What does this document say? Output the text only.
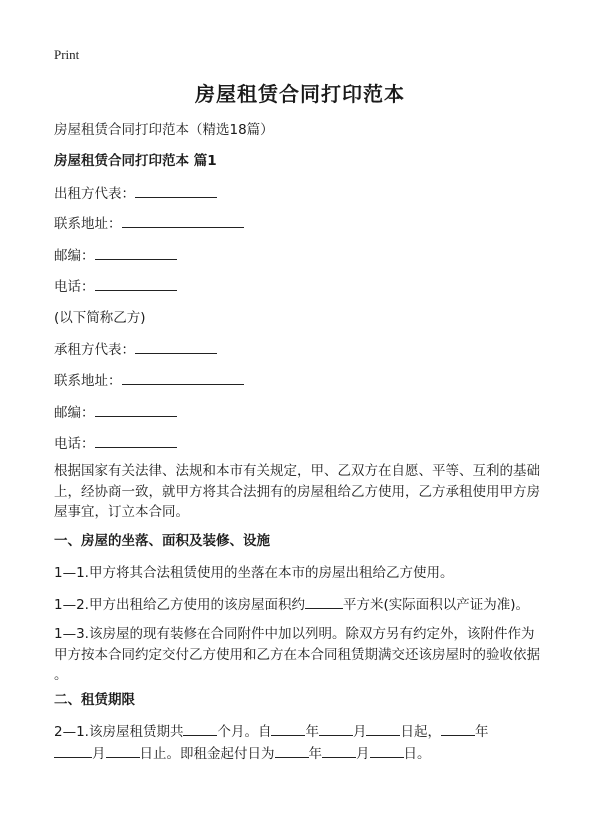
Print
房屋租赁合同打印范本
房屋租赁合同打印范本（精选18篇）
房屋租赁合同打印范本 篇1
出租方代表：
联系地址：
邮编：
电话：
(以下简称乙方)
承租方代表：
联系地址：
邮编：
电话：
根据国家有关法律、法规和本市有关规定，甲、乙双方在自愿、平等、互利的基础
上，经协商一致，就甲方将其合法拥有的房屋租给乙方使用，乙方承租使用甲方房
屋事宜，订立本合同。
一、房屋的坐落、面积及装修、设施
1—1.甲方将其合法租赁使用的坐落在本市的房屋出租给乙方使用。
1—2.甲方出租给乙方使用的该房屋面积约	平方米(实际面积以产证为准)。
1—3.该房屋的现有装修在合同附件中加以列明。除双方另有约定外，该附件作为
甲方按本合同约定交付乙方使用和乙方在本合同租赁期满交还该房屋时的验收依据
。
二、租赁期限
2—1.该房屋租赁期共	个月。自	年	月	日起，	年
月	日止。即租金起付日为	年	月	日。
